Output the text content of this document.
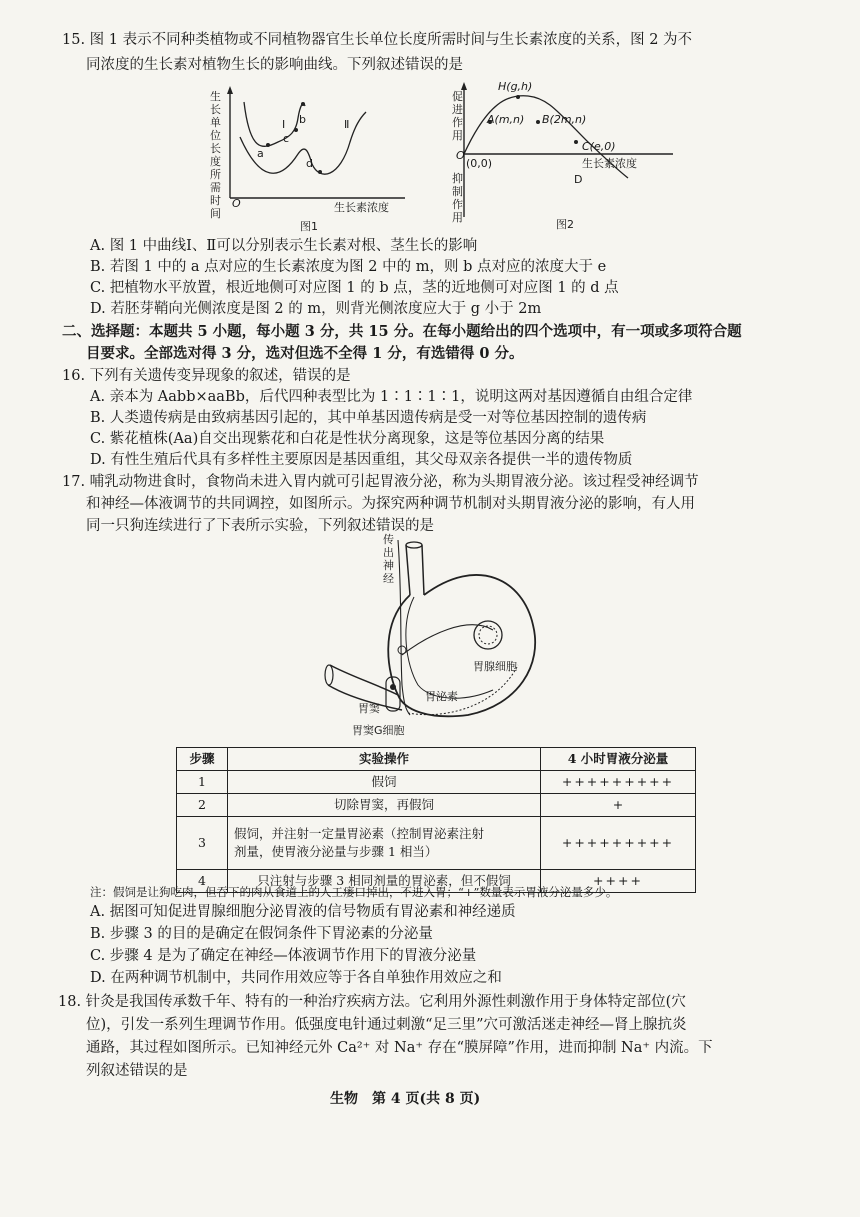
15. 图 1 表示不同种类植物或不同植物器官生长单位长度所需时间与生长素浓度的关系，图 2 为不
同浓度的生长素对植物生长的影响曲线。下列叙述错误的是
生长单位长度所需时间
O	生长素浓度
Ⅰ	Ⅱ
a
b
c
d
图1
促进作用
抑制作用
O
(0,0)	生长素浓度
H(g,h)
A(m,n) B(2m,n)
C(e,0)
D
图2
A. 图 1 中曲线Ⅰ、Ⅱ可以分别表示生长素对根、茎生长的影响
B. 若图 1 中的 a 点对应的生长素浓度为图 2 中的 m，则 b 点对应的浓度大于 e
C. 把植物水平放置，根近地侧可对应图 1 的 b 点，茎的近地侧可对应图 1 的 d 点
D. 若胚芽鞘向光侧浓度是图 2 的 m，则背光侧浓度应大于 g 小于 2m
二、选择题：本题共 5 小题，每小题 3 分，共 15 分。在每小题给出的四个选项中，有一项或多项符合题
目要求。全部选对得 3 分，选对但选不全得 1 分，有选错得 0 分。
16. 下列有关遗传变异现象的叙述，错误的是
A. 亲本为 Aabb×aaBb，后代四种表型比为 1∶1∶1∶1，说明这两对基因遵循自由组合定律
B. 人类遗传病是由致病基因引起的，其中单基因遗传病是受一对等位基因控制的遗传病
C. 紫花植株(Aa)自交出现紫花和白花是性状分离现象，这是等位基因分离的结果
D. 有性生殖后代具有多样性主要原因是基因重组，其父母双亲各提供一半的遗传物质
17. 哺乳动物进食时，食物尚未进入胃内就可引起胃液分泌，称为头期胃液分泌。该过程受神经调节
和神经—体液调节的共同调控，如图所示。为探究两种调节机制对头期胃液分泌的影响，有人用
同一只狗连续进行了下表所示实验，下列叙述错误的是
传出神经
胃腺细胞
胃窦
胃泌素
胃窦G细胞
步骤	实验操作	4 小时胃液分泌量
1	假饲	+++++++++
2	切除胃窦，再假饲	+
3	假饲，并注射一定量胃泌素（控制胃泌素注射
剂量，使胃液分泌量与步骤 1 相当）	+++++++++
4	只注射与步骤 3 相同剂量的胃泌素，但不假饲	++++
注：假饲是让狗吃肉，但吞下的肉从食道上的人工瘘口掉出，不进入胃；“+”数量表示胃液分泌量多少。
A. 据图可知促进胃腺细胞分泌胃液的信号物质有胃泌素和神经递质
B. 步骤 3 的目的是确定在假饲条件下胃泌素的分泌量
C. 步骤 4 是为了确定在神经—体液调节作用下的胃液分泌量
D. 在两种调节机制中，共同作用效应等于各自单独作用效应之和
18. 针灸是我国传承数千年、特有的一种治疗疾病方法。它利用外源性刺激作用于身体特定部位(穴
位)，引发一系列生理调节作用。低强度电针通过刺激“足三里”穴可激活迷走神经—肾上腺抗炎
通路，其过程如图所示。已知神经元外 Ca²⁺ 对 Na⁺ 存在“膜屏障”作用，进而抑制 Na⁺ 内流。下
列叙述错误的是
生物　第 4 页(共 8 页)
